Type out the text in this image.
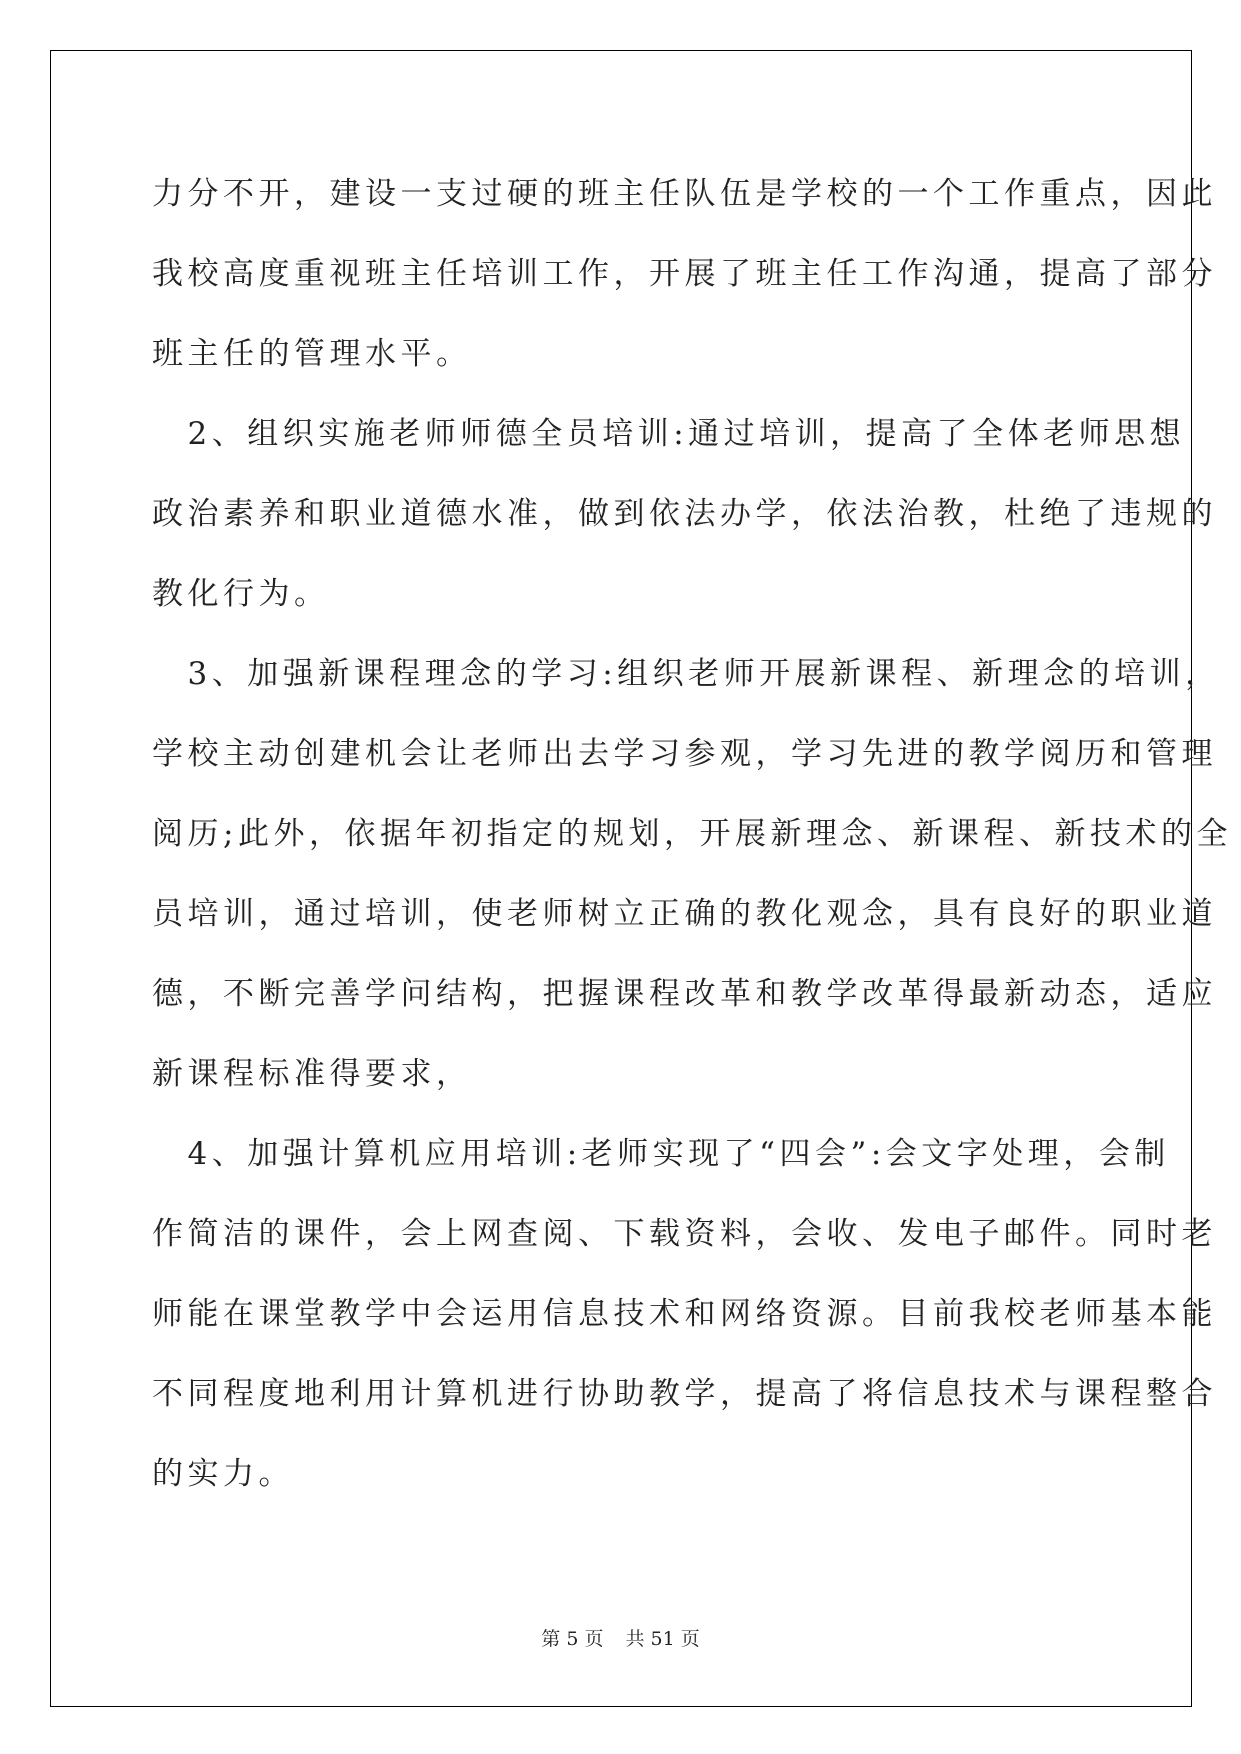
力分不开，建设一支过硬的班主任队伍是学校的一个工作重点，因此

我校高度重视班主任培训工作，开展了班主任工作沟通，提高了部分

班主任的管理水平。

　2、组织实施老师师德全员培训:通过培训，提高了全体老师思想

政治素养和职业道德水准，做到依法办学，依法治教，杜绝了违规的

教化行为。

　3、加强新课程理念的学习:组织老师开展新课程、新理念的培训，

学校主动创建机会让老师出去学习参观，学习先进的教学阅历和管理

阅历;此外，依据年初指定的规划，开展新理念、新课程、新技术的全

员培训，通过培训，使老师树立正确的教化观念，具有良好的职业道

德，不断完善学问结构，把握课程改革和教学改革得最新动态，适应

新课程标准得要求，

　4、加强计算机应用培训:老师实现了“四会”:会文字处理，会制

作简洁的课件，会上网查阅、下载资料，会收、发电子邮件。同时老

师能在课堂教学中会运用信息技术和网络资源。目前我校老师基本能

不同程度地利用计算机进行协助教学，提高了将信息技术与课程整合

的实力。

第 5 页 共 51 页
